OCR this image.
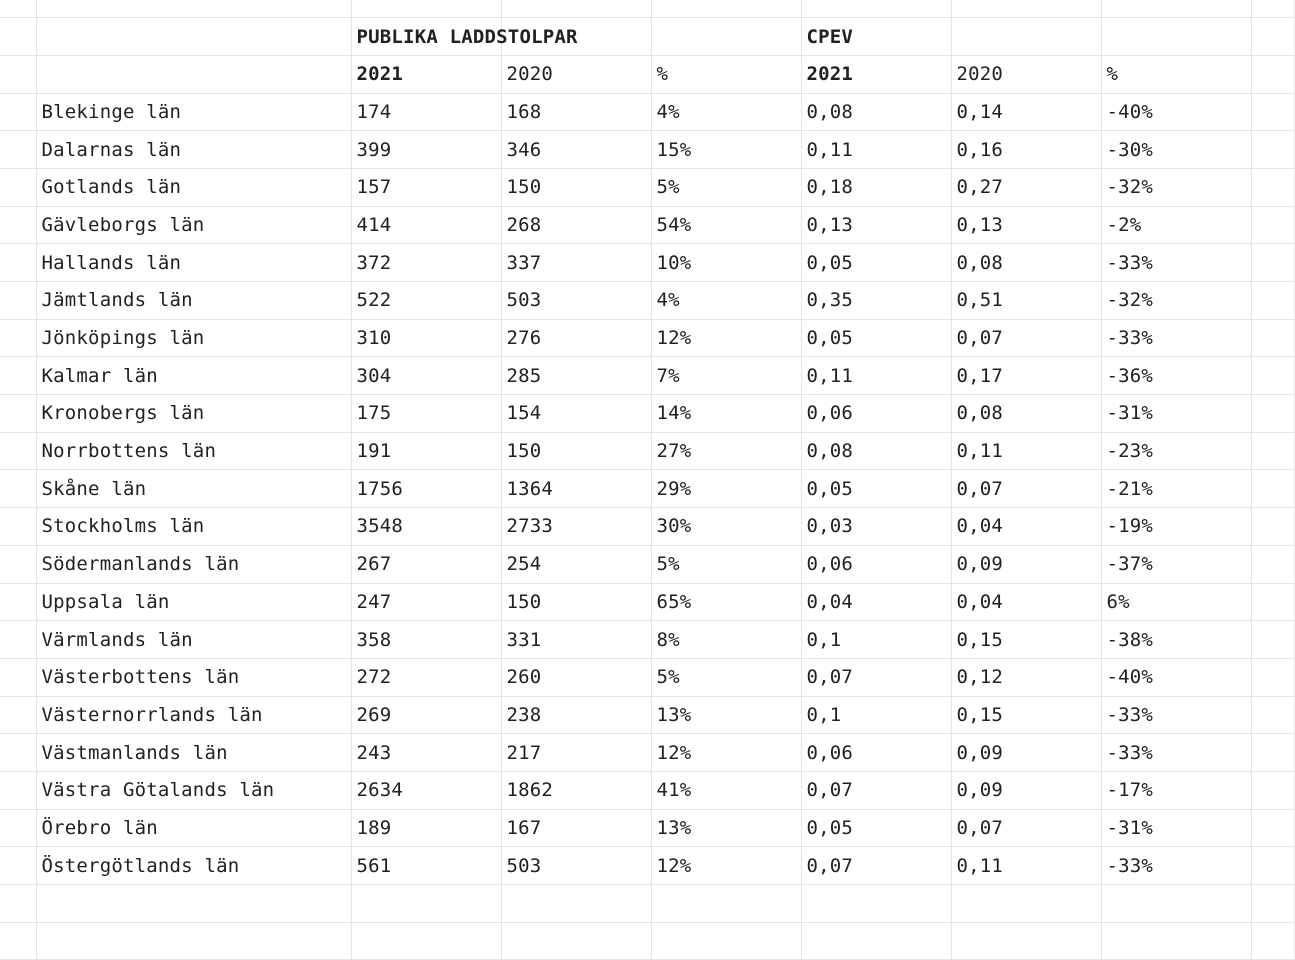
		PUBLIKA LADDSTOLPAR			CPEV			
		2021	2020	%	2021	2020	%	
	Blekinge län	174	168	4%	0,08	0,14	-40%	
	Dalarnas län	399	346	15%	0,11	0,16	-30%	
	Gotlands län	157	150	5%	0,18	0,27	-32%	
	Gävleborgs län	414	268	54%	0,13	0,13	-2%	
	Hallands län	372	337	10%	0,05	0,08	-33%	
	Jämtlands län	522	503	4%	0,35	0,51	-32%	
	Jönköpings län	310	276	12%	0,05	0,07	-33%	
	Kalmar län	304	285	7%	0,11	0,17	-36%	
	Kronobergs län	175	154	14%	0,06	0,08	-31%	
	Norrbottens län	191	150	27%	0,08	0,11	-23%	
	Skåne län	1756	1364	29%	0,05	0,07	-21%	
	Stockholms län	3548	2733	30%	0,03	0,04	-19%	
	Södermanlands län	267	254	5%	0,06	0,09	-37%	
	Uppsala län	247	150	65%	0,04	0,04	6%	
	Värmlands län	358	331	8%	0,1	0,15	-38%	
	Västerbottens län	272	260	5%	0,07	0,12	-40%	
	Västernorrlands län	269	238	13%	0,1	0,15	-33%	
	Västmanlands län	243	217	12%	0,06	0,09	-33%	
	Västra Götalands län	2634	1862	41%	0,07	0,09	-17%	
	Örebro län	189	167	13%	0,05	0,07	-31%	
	Östergötlands län	561	503	12%	0,07	0,11	-33%	
